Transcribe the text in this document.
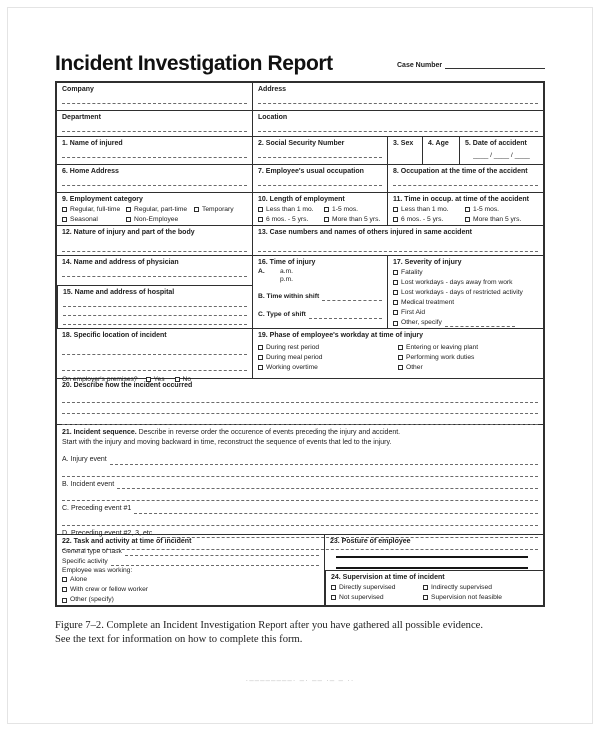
Incident Investigation Report	Case Number
Company	Address
Department	Location
1. Name of injured	2. Social Security Number	3. Sex	4. Age	5. Date of accident
____ / ____ / ____
6. Home Address	7. Employee's usual occupation	8. Occupation at the time of the accident
9. Employment category
Regular, full-time Regular, part-time Temporary
Seasonal	Non-Employee
10. Length of employment
Less than 1 mo.	1-5 mos.
6 mos. - 5 yrs.	More than 5 yrs.
11. Time in occup. at time of the accident
Less than 1 mo.	1-5 mos.
6 mos. - 5 yrs.	More than 5 yrs.
12. Nature of injury and part of the body	13. Case numbers and names of others injured in same accident
14. Name and address of physician
15. Name and address of hospital
16. Time of injury
A.	a.m.
p.m.
B. Time within shift
C. Type of shift
17. Severity of injury
Fatality
Lost workdays - days away from work
Lost workdays - days of restricted activity
Medical treatment
First Aid
Other, specify
18. Specific location of incident
On employer's premises? Yes	No
19. Phase of employee's workday at time of injury
During rest period	Entering or leaving plant
During meal period	Performing work duties
Working overtime	Other
20. Describe how the incident occurred
21. Incident sequence. Describe in reverse order the occurence of events preceding the injury and accident.
Start with the injury and moving backward in time, reconstruct the sequence of events that led to the injury.
A. Injury event
B. Incident event
C. Preceding event #1
D. Preceding event #2, 3, etc.
22. Task and activity at time of incident
General type of task
Specific activity
Employee was working:
Alone
With crew or fellow worker
Other (specify)
23. Posture of employee
24. Supervision at time of incident
Directly supervised	Indirectly supervised
Not supervised	Supervision not feasible
Figure 7–2. Complete an Incident Investigation Report after you have gathered all possible evidence.
See the text for information on how to complete this form.
·––––––––· –· –– ·– – ··
